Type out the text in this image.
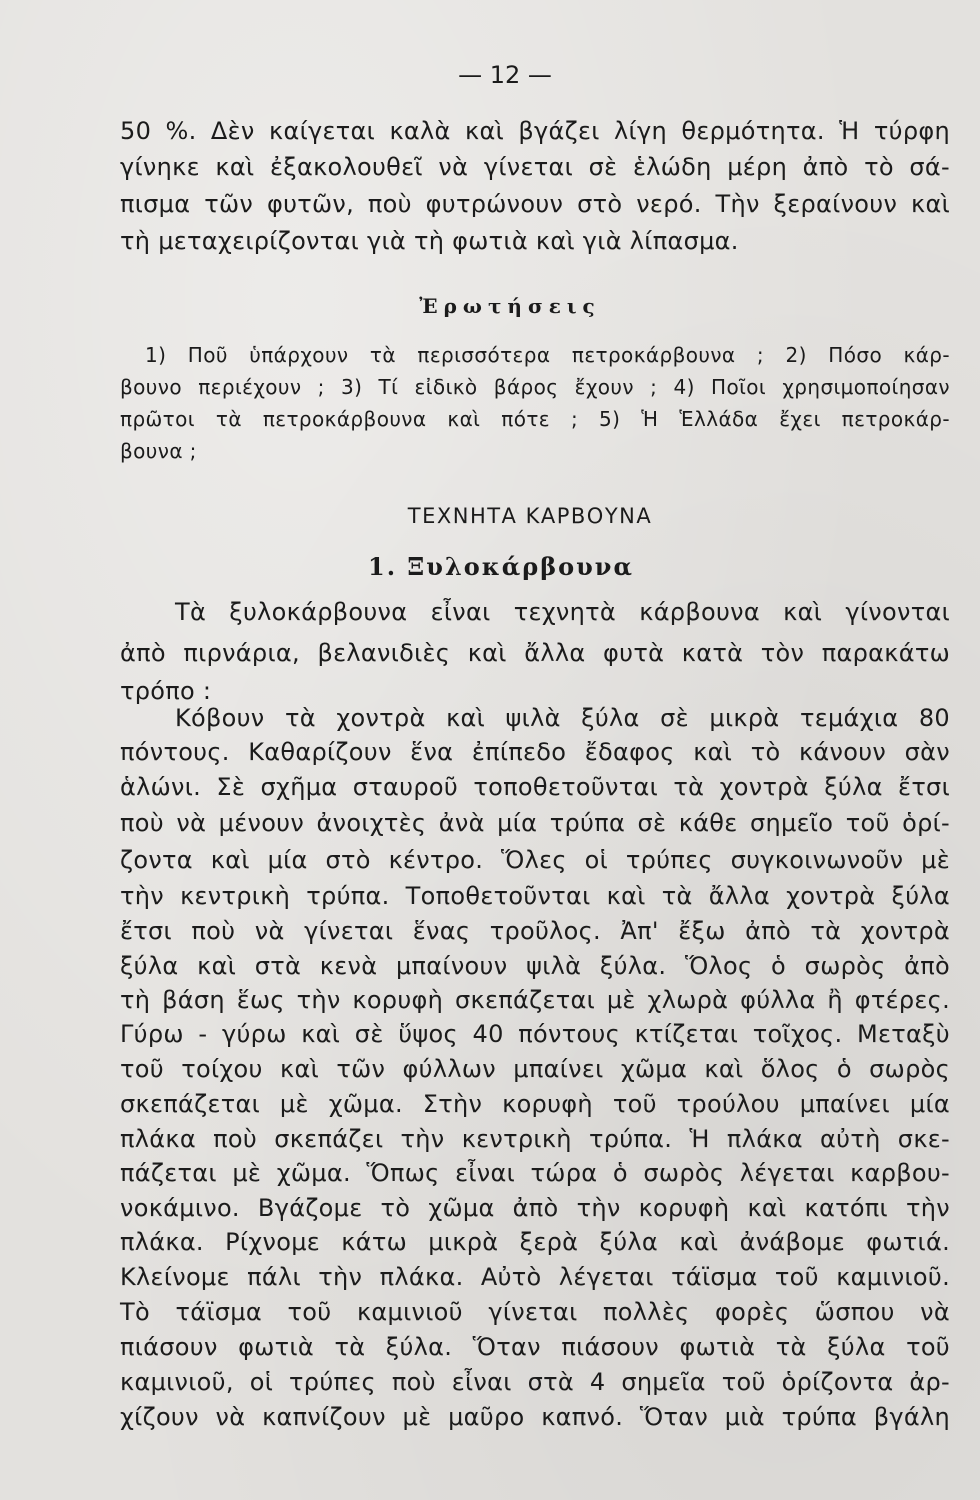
— 12 —
50 %. Δὲν καίγεται καλὰ καὶ βγάζει λίγη θερμότητα. Ἡ τύρφη
γίνηκε καὶ ἐξακολουθεῖ νὰ γίνεται σὲ ἑλώδη μέρη ἀπὸ τὸ σά-
πισμα τῶν φυτῶν, ποὺ φυτρώνουν στὸ νερό. Τὴν ξεραίνουν καὶ
τὴ μεταχειρίζονται γιὰ τὴ φωτιὰ καὶ γιὰ λίπασμα.
Ἐρωτήσεις
1) Ποῦ ὑπάρχουν τὰ περισσότερα πετροκάρβουνα ; 2) Πόσο κάρ-
βουνο περιέχουν ; 3) Τί εἰδικὸ βάρος ἔχουν ; 4) Ποῖοι χρησιμοποίησαν
πρῶτοι τὰ πετροκάρβουνα καὶ πότε ; 5) Ἡ Ἑλλάδα ἔχει πετροκάρ-
βουνα ;
ΤΕΧΝΗΤΑ ΚΑΡΒΟΥΝΑ
1. Ξυλοκάρβουνα
Τὰ ξυλοκάρβουνα εἶναι τεχνητὰ κάρβουνα καὶ γίνονται
ἀπὸ πιρνάρια, βελανιδιὲς καὶ ἄλλα φυτὰ κατὰ τὸν παρακάτω
τρόπο :
Κόβουν τὰ χοντρὰ καὶ ψιλὰ ξύλα σὲ μικρὰ τεμάχια 80
πόντους. Καθαρίζουν ἕνα ἐπίπεδο ἔδαφος καὶ τὸ κάνουν σὰν
ἁλώνι. Σὲ σχῆμα σταυροῦ τοποθετοῦνται τὰ χοντρὰ ξύλα ἔτσι
ποὺ νὰ μένουν ἀνοιχτὲς ἀνὰ μία τρύπα σὲ κάθε σημεῖο τοῦ ὁρί-
ζοντα καὶ μία στὸ κέντρο. Ὅλες οἱ τρύπες συγκοινωνοῦν μὲ
τὴν κεντρικὴ τρύπα. Τοποθετοῦνται καὶ τὰ ἄλλα χοντρὰ ξύλα
ἔτσι ποὺ νὰ γίνεται ἕνας τροῦλος. Ἀπ' ἔξω ἀπὸ τὰ χοντρὰ
ξύλα καὶ στὰ κενὰ μπαίνουν ψιλὰ ξύλα. Ὅλος ὁ σωρὸς ἀπὸ
τὴ βάση ἕως τὴν κορυφὴ σκεπάζεται μὲ χλωρὰ φύλλα ἢ φτέρες.
Γύρω - γύρω καὶ σὲ ὕψος 40 πόντους κτίζεται τοῖχος. Μεταξὺ
τοῦ τοίχου καὶ τῶν φύλλων μπαίνει χῶμα καὶ ὅλος ὁ σωρὸς
σκεπάζεται μὲ χῶμα. Στὴν κορυφὴ τοῦ τρούλου μπαίνει μία
πλάκα ποὺ σκεπάζει τὴν κεντρικὴ τρύπα. Ἡ πλάκα αὐτὴ σκε-
πάζεται μὲ χῶμα. Ὅπως εἶναι τώρα ὁ σωρὸς λέγεται καρβου-
νοκάμινο. Βγάζομε τὸ χῶμα ἀπὸ τὴν κορυφὴ καὶ κατόπι τὴν
πλάκα. Ρίχνομε κάτω μικρὰ ξερὰ ξύλα καὶ ἀνάβομε φωτιά.
Κλείνομε πάλι τὴν πλάκα. Αὐτὸ λέγεται τάϊσμα τοῦ καμινιοῦ.
Τὸ τάϊσμα τοῦ καμινιοῦ γίνεται πολλὲς φορὲς ὥσπου νὰ
πιάσουν φωτιὰ τὰ ξύλα. Ὅταν πιάσουν φωτιὰ τὰ ξύλα τοῦ
καμινιοῦ, οἱ τρύπες ποὺ εἶναι στὰ 4 σημεῖα τοῦ ὁρίζοντα ἀρ-
χίζουν νὰ καπνίζουν μὲ μαῦρο καπνό. Ὅταν μιὰ τρύπα βγάλη
